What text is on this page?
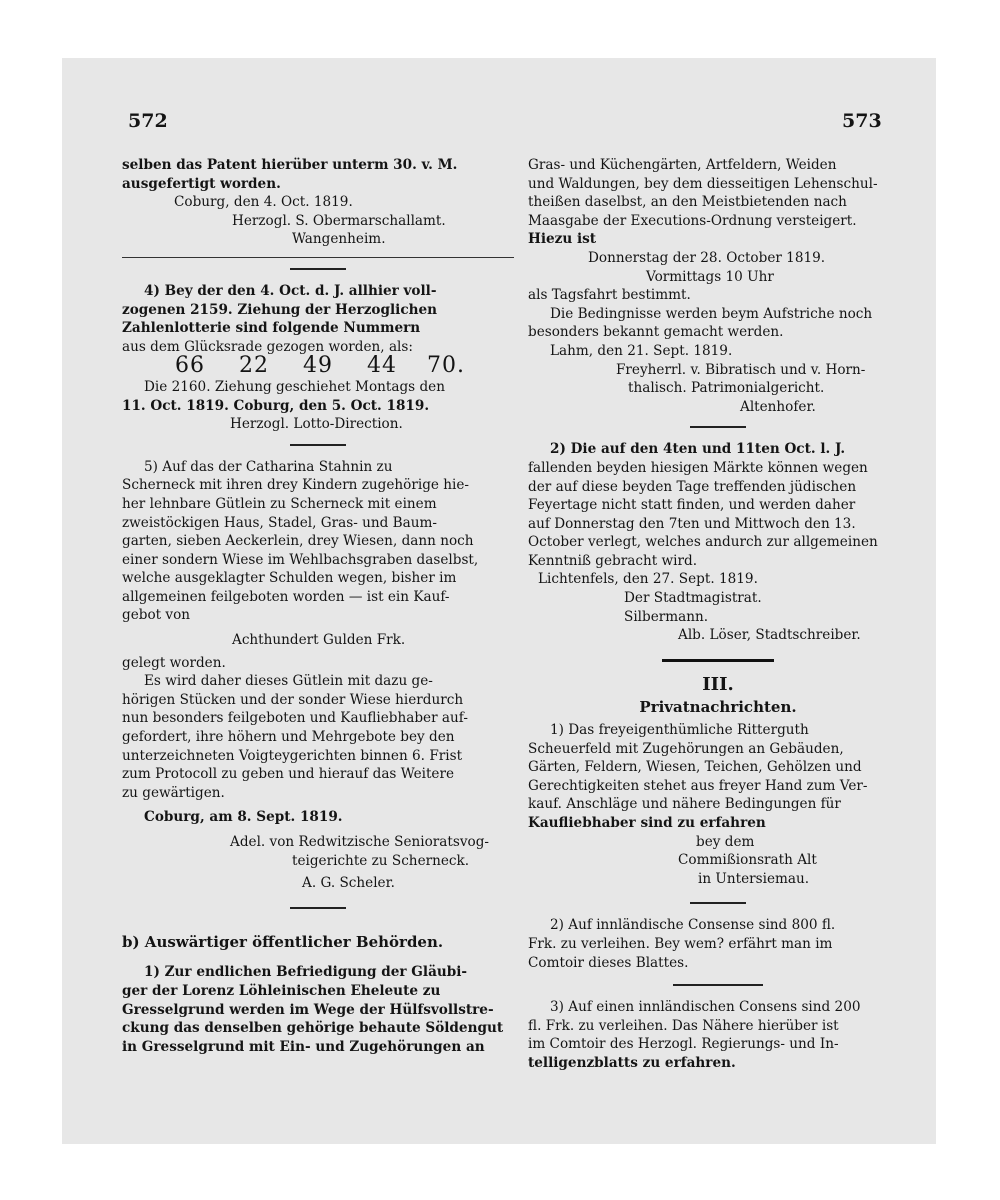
572	573

selben das Patent hierüber unterm 30. v. M.

ausgefertigt worden.

Coburg, den 4. Oct. 1819.

Herzogl. S. Obermarschallamt.

Wangenheim.

4) Bey der den 4. Oct. d. J. allhier voll-

zogenen 2159. Ziehung der Herzoglichen

Zahlenlotterie sind folgende Nummern

aus dem Glücksrade gezogen worden, als:

66 22 49 44 70.

Die 2160. Ziehung geschiehet Montags den

11. Oct. 1819. Coburg, den 5. Oct. 1819.

Herzogl. Lotto-Direction.

5) Auf das der Catharina Stahnin zu

Scherneck mit ihren drey Kindern zugehörige hie-

her lehnbare Gütlein zu Scherneck mit einem

zweistöckigen Haus, Stadel, Gras- und Baum-

garten, sieben Aeckerlein, drey Wiesen, dann noch

einer sondern Wiese im Wehlbachsgraben daselbst,

welche ausgeklagter Schulden wegen, bisher im

allgemeinen feilgeboten worden — ist ein Kauf-

gebot von

Achthundert Gulden Frk.

gelegt worden.

Es wird daher dieses Gütlein mit dazu ge-

hörigen Stücken und der sonder Wiese hierdurch

nun besonders feilgeboten und Kaufliebhaber auf-

gefordert, ihre höhern und Mehrgebote bey den

unterzeichneten Voigteygerichten binnen 6. Frist

zum Protocoll zu geben und hierauf das Weitere

zu gewärtigen.

Coburg, am 8. Sept. 1819.

Adel. von Redwitzische Senioratsvog-

teigerichte zu Scherneck.

A. G. Scheler.

b) Auswärtiger öffentlicher Behörden.

1) Zur endlichen Befriedigung der Gläubi-

ger der Lorenz Löhleinischen Eheleute zu

Gresselgrund werden im Wege der Hülfsvollstre-

ckung das denselben gehörige behaute Söldengut

in Gresselgrund mit Ein- und Zugehörungen an

Gras- und Küchengärten, Artfeldern, Weiden

und Waldungen, bey dem diesseitigen Lehenschul-

theißen daselbst, an den Meistbietenden nach

Maasgabe der Executions-Ordnung versteigert.

Hiezu ist

Donnerstag der 28. October 1819.

Vormittags 10 Uhr

als Tagsfahrt bestimmt.

Die Bedingnisse werden beym Aufstriche noch

besonders bekannt gemacht werden.

Lahm, den 21. Sept. 1819.

Freyherrl. v. Bibratisch und v. Horn-

thalisch. Patrimonialgericht.

Altenhofer.

2) Die auf den 4ten und 11ten Oct. l. J.

fallenden beyden hiesigen Märkte können wegen

der auf diese beyden Tage treffenden jüdischen

Feyertage nicht statt finden, und werden daher

auf Donnerstag den 7ten und Mittwoch den 13.

October verlegt, welches andurch zur allgemeinen

Kenntniß gebracht wird.

Lichtenfels, den 27. Sept. 1819.

Der Stadtmagistrat.

Silbermann.

Alb. Löser, Stadtschreiber.

III.
Privatnachrichten.

1) Das freyeigenthümliche Ritterguth

Scheuerfeld mit Zugehörungen an Gebäuden,

Gärten, Feldern, Wiesen, Teichen, Gehölzen und

Gerechtigkeiten stehet aus freyer Hand zum Ver-

kauf. Anschläge und nähere Bedingungen für

Kaufliebhaber sind zu erfahren

bey dem

Commißionsrath Alt

in Untersiemau.

2) Auf innländische Consense sind 800 fl.

Frk. zu verleihen. Bey wem? erfährt man im

Comtoir dieses Blattes.

3) Auf einen innländischen Consens sind 200

fl. Frk. zu verleihen. Das Nähere hierüber ist

im Comtoir des Herzogl. Regierungs- und In-

telligenzblatts zu erfahren.
